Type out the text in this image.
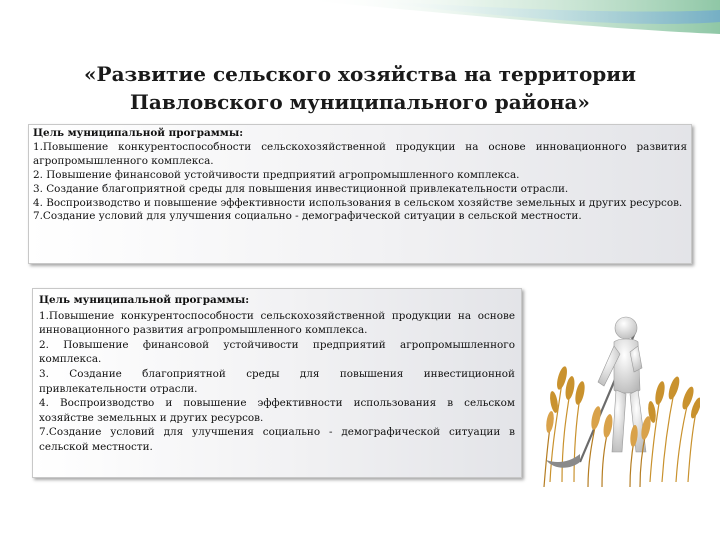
«Развитие сельского хозяйства на территории
Павловского муниципального района»

Цель муниципальной программы:

1.Повышение конкурентоспособности сельскохозяйственной продукции на основе инновационного развития агропромышленного комплекса.

2. Повышение финансовой устойчивости предприятий агропромышленного комплекса.

3. Создание благоприятной среды для повышения инвестиционной привлекательности отрасли.

4. Воспроизводство и повышение эффективности использования в сельском хозяйстве земельных и других ресурсов.

7.Создание условий для улучшения социально - демографической ситуации в сельской местности.

Цель муниципальной программы:

1.Повышение конкурентоспособности сельскохозяйственной продукции на основе инновационного развития агропромышленного комплекса.

2. Повышение финансовой устойчивости предприятий агропромышленного комплекса.

3. Создание благоприятной среды для повышения инвестиционной привлекательности отрасли.

4. Воспроизводство и повышение эффективности использования в сельском хозяйстве земельных и других ресурсов.

7.Создание условий для улучшения социально - демографической ситуации в сельской местности.
